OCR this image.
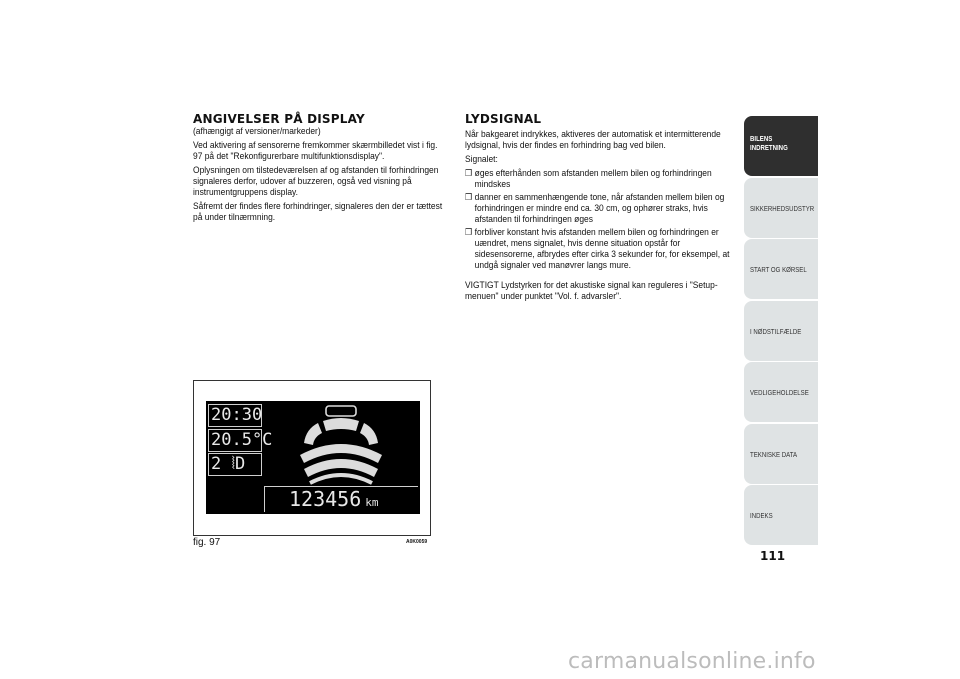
ANGIVELSER PÅ DISPLAY
(afhængigt af versioner/markeder)

Ved aktivering af sensorerne fremkommer skærmbilledet vist i fig. 97 på det "Rekonfigurerbare multifunktionsdisplay".

Oplysningen om tilstedeværelsen af og afstanden til forhindringen signaleres derfor, udover af buzzeren, også ved visning på instrumentgruppens display.

Såfremt der findes flere forhindringer, signaleres den der er tættest på under tilnærmning.

LYDSIGNAL

Når bakgearet indrykkes, aktiveres der automatisk et intermitterende lydsignal, hvis der findes en forhindring bag ved bilen.

Signalet:

❒ øges efterhånden som afstanden mellem bilen og forhindringen mindskes
❒ danner en sammenhængende tone, når afstanden mellem bilen og forhindringen er mindre end ca. 30 cm, og ophører straks, hvis afstanden til forhindringen øges
❒ forbliver konstant hvis afstanden mellem bilen og forhindringen er uændret, mens signalet, hvis denne situation opstår for sidesensorerne, afbrydes efter cirka 3 sekunder for, for eksempel, at undgå signaler ved manøvrer langs mure.

VIGTIGT Lydstyrken for det akustiske signal kan reguleres i "Setup-menuen" under punktet "Vol. f. advarsler".

20:30
20.5°C
2 ⦚D
123456 km
fig. 97	A0K0059
BILENS
INDRETNING
SIKKERHEDSUDSTYR
START OG KØRSEL
I NØDSTILFÆLDE
VEDLIGEHOLDELSE
TEKNISKE DATA
INDEKS
111
carmanualsonline.info
